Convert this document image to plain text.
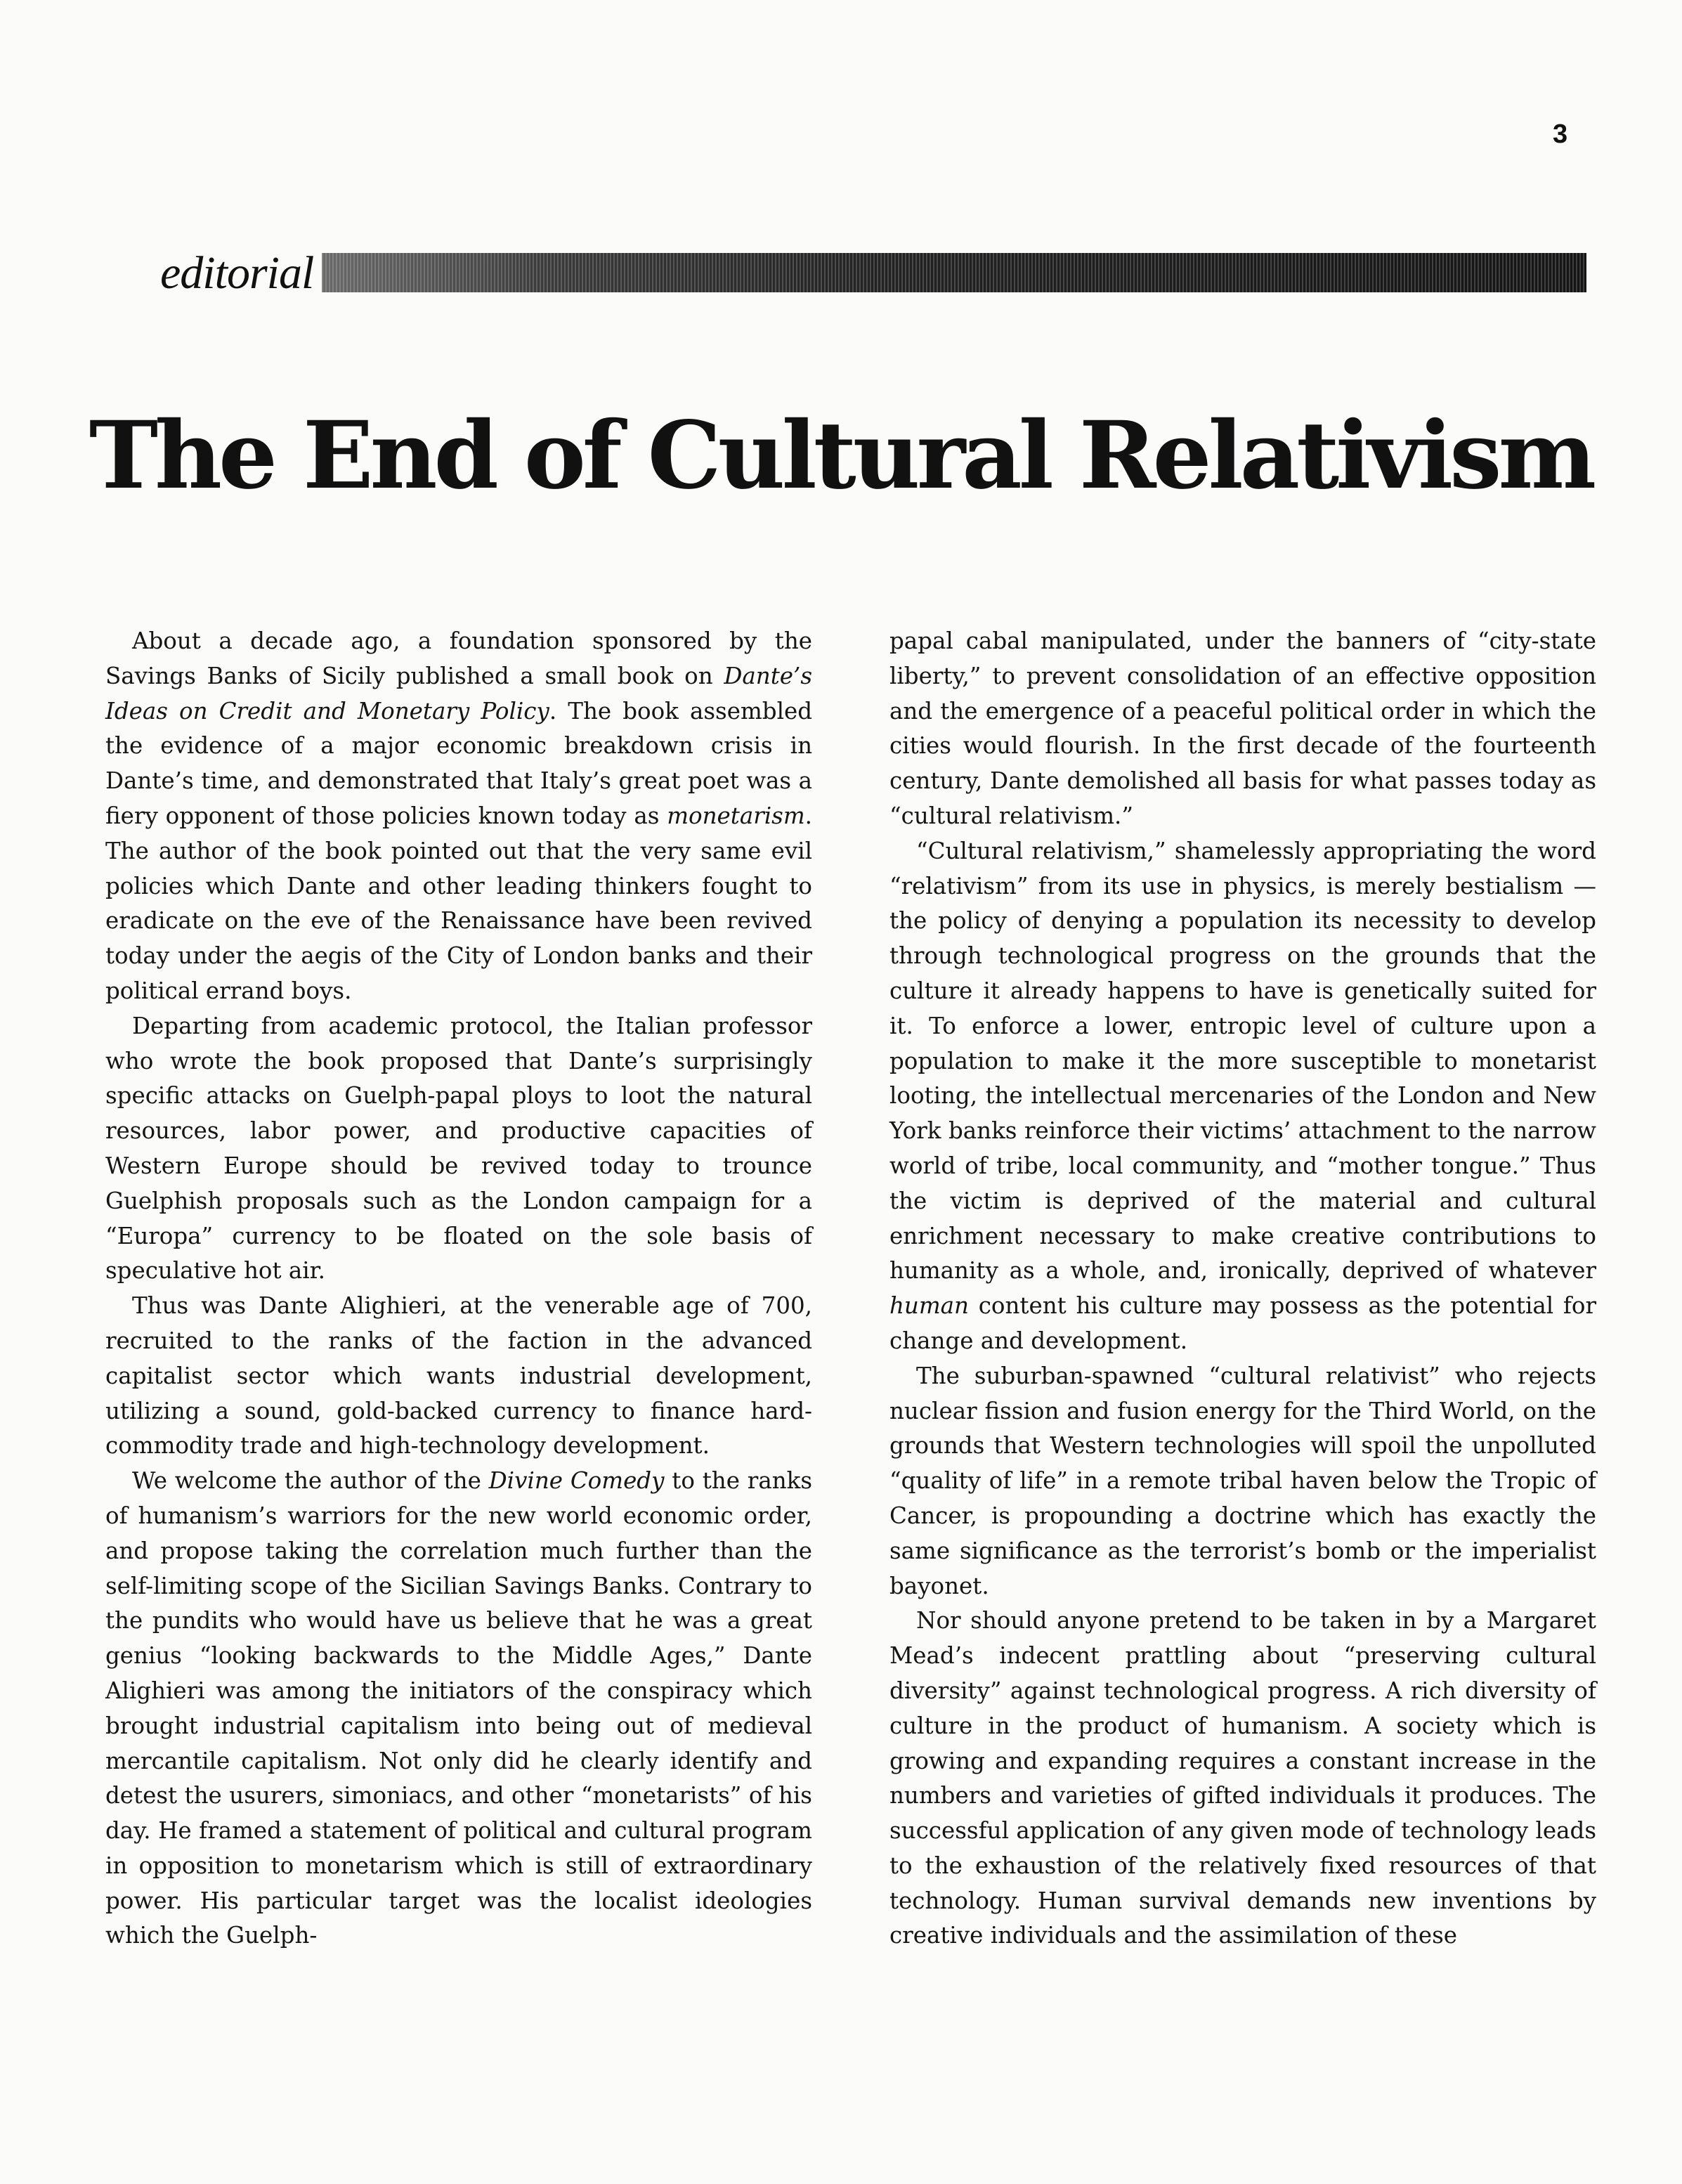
3
editorial
The End of Cultural Relativism

About a decade ago, a foundation sponsored by the Savings Banks of Sicily published a small book on Dante’s Ideas on Credit and Monetary Policy. The book assembled the evidence of a major economic breakdown crisis in Dante’s time, and demonstrated that Italy’s great poet was a fiery opponent of those policies known today as monetarism. The author of the book pointed out that the very same evil policies which Dante and other leading thinkers fought to eradicate on the eve of the Renaissance have been revived today under the aegis of the City of London banks and their political errand boys.

Departing from academic protocol, the Italian professor who wrote the book proposed that Dante’s surprisingly specific attacks on Guelph-papal ploys to loot the natural resources, labor power, and productive capacities of Western Europe should be revived today to trounce Guelphish proposals such as the London campaign for a “Europa” currency to be floated on the sole basis of speculative hot air.

Thus was Dante Alighieri, at the venerable age of 700, recruited to the ranks of the faction in the advanced capitalist sector which wants industrial development, utilizing a sound, gold-backed currency to finance hard-commodity trade and high-technology development.

We welcome the author of the Divine Comedy to the ranks of humanism’s warriors for the new world economic order, and propose taking the correlation much further than the self-limiting scope of the Sicilian Savings Banks. Contrary to the pundits who would have us believe that he was a great genius “looking backwards to the Middle Ages,” Dante Alighieri was among the initiators of the conspiracy which brought industrial capitalism into being out of medieval mercantile capitalism. Not only did he clearly identify and detest the usurers, simoniacs, and other “monetarists” of his day. He framed a statement of political and cultural program in opposition to monetarism which is still of extraordinary power. His particular target was the localist ideologies which the Guelph-

papal cabal manipulated, under the banners of “city-state liberty,” to prevent consolidation of an effective opposition and the emergence of a peaceful political order in which the cities would flourish. In the first decade of the fourteenth century, Dante demolished all basis for what passes today as “cultural relativism.”

“Cultural relativism,” shamelessly appropriating the word “relativism” from its use in physics, is merely bestialism — the policy of denying a population its necessity to develop through technological progress on the grounds that the culture it already happens to have is genetically suited for it. To enforce a lower, entropic level of culture upon a population to make it the more susceptible to monetarist looting, the intellectual mercenaries of the London and New York banks reinforce their victims’ attachment to the narrow world of tribe, local community, and “mother tongue.” Thus the victim is deprived of the material and cultural enrichment necessary to make creative contributions to humanity as a whole, and, ironically, deprived of whatever human content his culture may possess as the potential for change and development.

The suburban-spawned “cultural relativist” who rejects nuclear fission and fusion energy for the Third World, on the grounds that Western technologies will spoil the unpolluted “quality of life” in a remote tribal haven below the Tropic of Cancer, is propounding a doctrine which has exactly the same significance as the terrorist’s bomb or the imperialist bayonet.

Nor should anyone pretend to be taken in by a Margaret Mead’s indecent prattling about “preserving cultural diversity” against technological progress. A rich diversity of culture in the product of humanism. A society which is growing and expanding requires a constant increase in the numbers and varieties of gifted individuals it produces. The successful application of any given mode of technology leads to the exhaustion of the relatively fixed resources of that technology. Human survival demands new inventions by creative individuals and the assimilation of these
